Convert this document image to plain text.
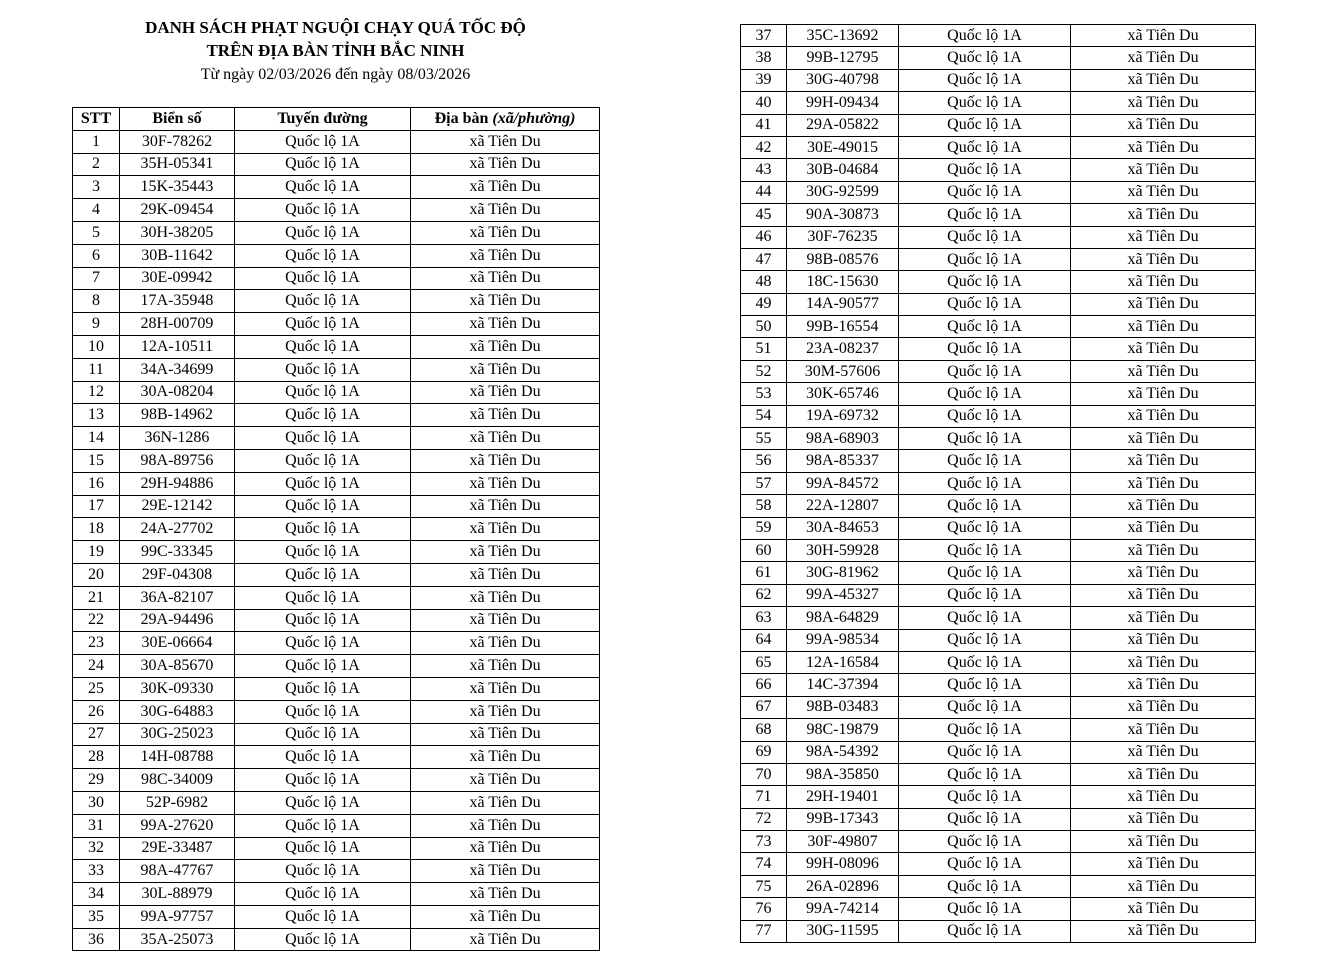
DANH SÁCH PHẠT NGUỘI CHẠY QUÁ TỐC ĐỘ
TRÊN ĐỊA BÀN TỈNH BẮC NINH
Từ ngày 02/03/2026 đến ngày 08/03/2026
STT	Biển số	Tuyến đường	Địa bàn (xã/phường)
1	30F-78262	Quốc lộ 1A	xã Tiên Du
2	35H-05341	Quốc lộ 1A	xã Tiên Du
3	15K-35443	Quốc lộ 1A	xã Tiên Du
4	29K-09454	Quốc lộ 1A	xã Tiên Du
5	30H-38205	Quốc lộ 1A	xã Tiên Du
6	30B-11642	Quốc lộ 1A	xã Tiên Du
7	30E-09942	Quốc lộ 1A	xã Tiên Du
8	17A-35948	Quốc lộ 1A	xã Tiên Du
9	28H-00709	Quốc lộ 1A	xã Tiên Du
10	12A-10511	Quốc lộ 1A	xã Tiên Du
11	34A-34699	Quốc lộ 1A	xã Tiên Du
12	30A-08204	Quốc lộ 1A	xã Tiên Du
13	98B-14962	Quốc lộ 1A	xã Tiên Du
14	36N-1286	Quốc lộ 1A	xã Tiên Du
15	98A-89756	Quốc lộ 1A	xã Tiên Du
16	29H-94886	Quốc lộ 1A	xã Tiên Du
17	29E-12142	Quốc lộ 1A	xã Tiên Du
18	24A-27702	Quốc lộ 1A	xã Tiên Du
19	99C-33345	Quốc lộ 1A	xã Tiên Du
20	29F-04308	Quốc lộ 1A	xã Tiên Du
21	36A-82107	Quốc lộ 1A	xã Tiên Du
22	29A-94496	Quốc lộ 1A	xã Tiên Du
23	30E-06664	Quốc lộ 1A	xã Tiên Du
24	30A-85670	Quốc lộ 1A	xã Tiên Du
25	30K-09330	Quốc lộ 1A	xã Tiên Du
26	30G-64883	Quốc lộ 1A	xã Tiên Du
27	30G-25023	Quốc lộ 1A	xã Tiên Du
28	14H-08788	Quốc lộ 1A	xã Tiên Du
29	98C-34009	Quốc lộ 1A	xã Tiên Du
30	52P-6982	Quốc lộ 1A	xã Tiên Du
31	99A-27620	Quốc lộ 1A	xã Tiên Du
32	29E-33487	Quốc lộ 1A	xã Tiên Du
33	98A-47767	Quốc lộ 1A	xã Tiên Du
34	30L-88979	Quốc lộ 1A	xã Tiên Du
35	99A-97757	Quốc lộ 1A	xã Tiên Du
36	35A-25073	Quốc lộ 1A	xã Tiên Du
37	35C-13692	Quốc lộ 1A	xã Tiên Du
38	99B-12795	Quốc lộ 1A	xã Tiên Du
39	30G-40798	Quốc lộ 1A	xã Tiên Du
40	99H-09434	Quốc lộ 1A	xã Tiên Du
41	29A-05822	Quốc lộ 1A	xã Tiên Du
42	30E-49015	Quốc lộ 1A	xã Tiên Du
43	30B-04684	Quốc lộ 1A	xã Tiên Du
44	30G-92599	Quốc lộ 1A	xã Tiên Du
45	90A-30873	Quốc lộ 1A	xã Tiên Du
46	30F-76235	Quốc lộ 1A	xã Tiên Du
47	98B-08576	Quốc lộ 1A	xã Tiên Du
48	18C-15630	Quốc lộ 1A	xã Tiên Du
49	14A-90577	Quốc lộ 1A	xã Tiên Du
50	99B-16554	Quốc lộ 1A	xã Tiên Du
51	23A-08237	Quốc lộ 1A	xã Tiên Du
52	30M-57606	Quốc lộ 1A	xã Tiên Du
53	30K-65746	Quốc lộ 1A	xã Tiên Du
54	19A-69732	Quốc lộ 1A	xã Tiên Du
55	98A-68903	Quốc lộ 1A	xã Tiên Du
56	98A-85337	Quốc lộ 1A	xã Tiên Du
57	99A-84572	Quốc lộ 1A	xã Tiên Du
58	22A-12807	Quốc lộ 1A	xã Tiên Du
59	30A-84653	Quốc lộ 1A	xã Tiên Du
60	30H-59928	Quốc lộ 1A	xã Tiên Du
61	30G-81962	Quốc lộ 1A	xã Tiên Du
62	99A-45327	Quốc lộ 1A	xã Tiên Du
63	98A-64829	Quốc lộ 1A	xã Tiên Du
64	99A-98534	Quốc lộ 1A	xã Tiên Du
65	12A-16584	Quốc lộ 1A	xã Tiên Du
66	14C-37394	Quốc lộ 1A	xã Tiên Du
67	98B-03483	Quốc lộ 1A	xã Tiên Du
68	98C-19879	Quốc lộ 1A	xã Tiên Du
69	98A-54392	Quốc lộ 1A	xã Tiên Du
70	98A-35850	Quốc lộ 1A	xã Tiên Du
71	29H-19401	Quốc lộ 1A	xã Tiên Du
72	99B-17343	Quốc lộ 1A	xã Tiên Du
73	30F-49807	Quốc lộ 1A	xã Tiên Du
74	99H-08096	Quốc lộ 1A	xã Tiên Du
75	26A-02896	Quốc lộ 1A	xã Tiên Du
76	99A-74214	Quốc lộ 1A	xã Tiên Du
77	30G-11595	Quốc lộ 1A	xã Tiên Du
